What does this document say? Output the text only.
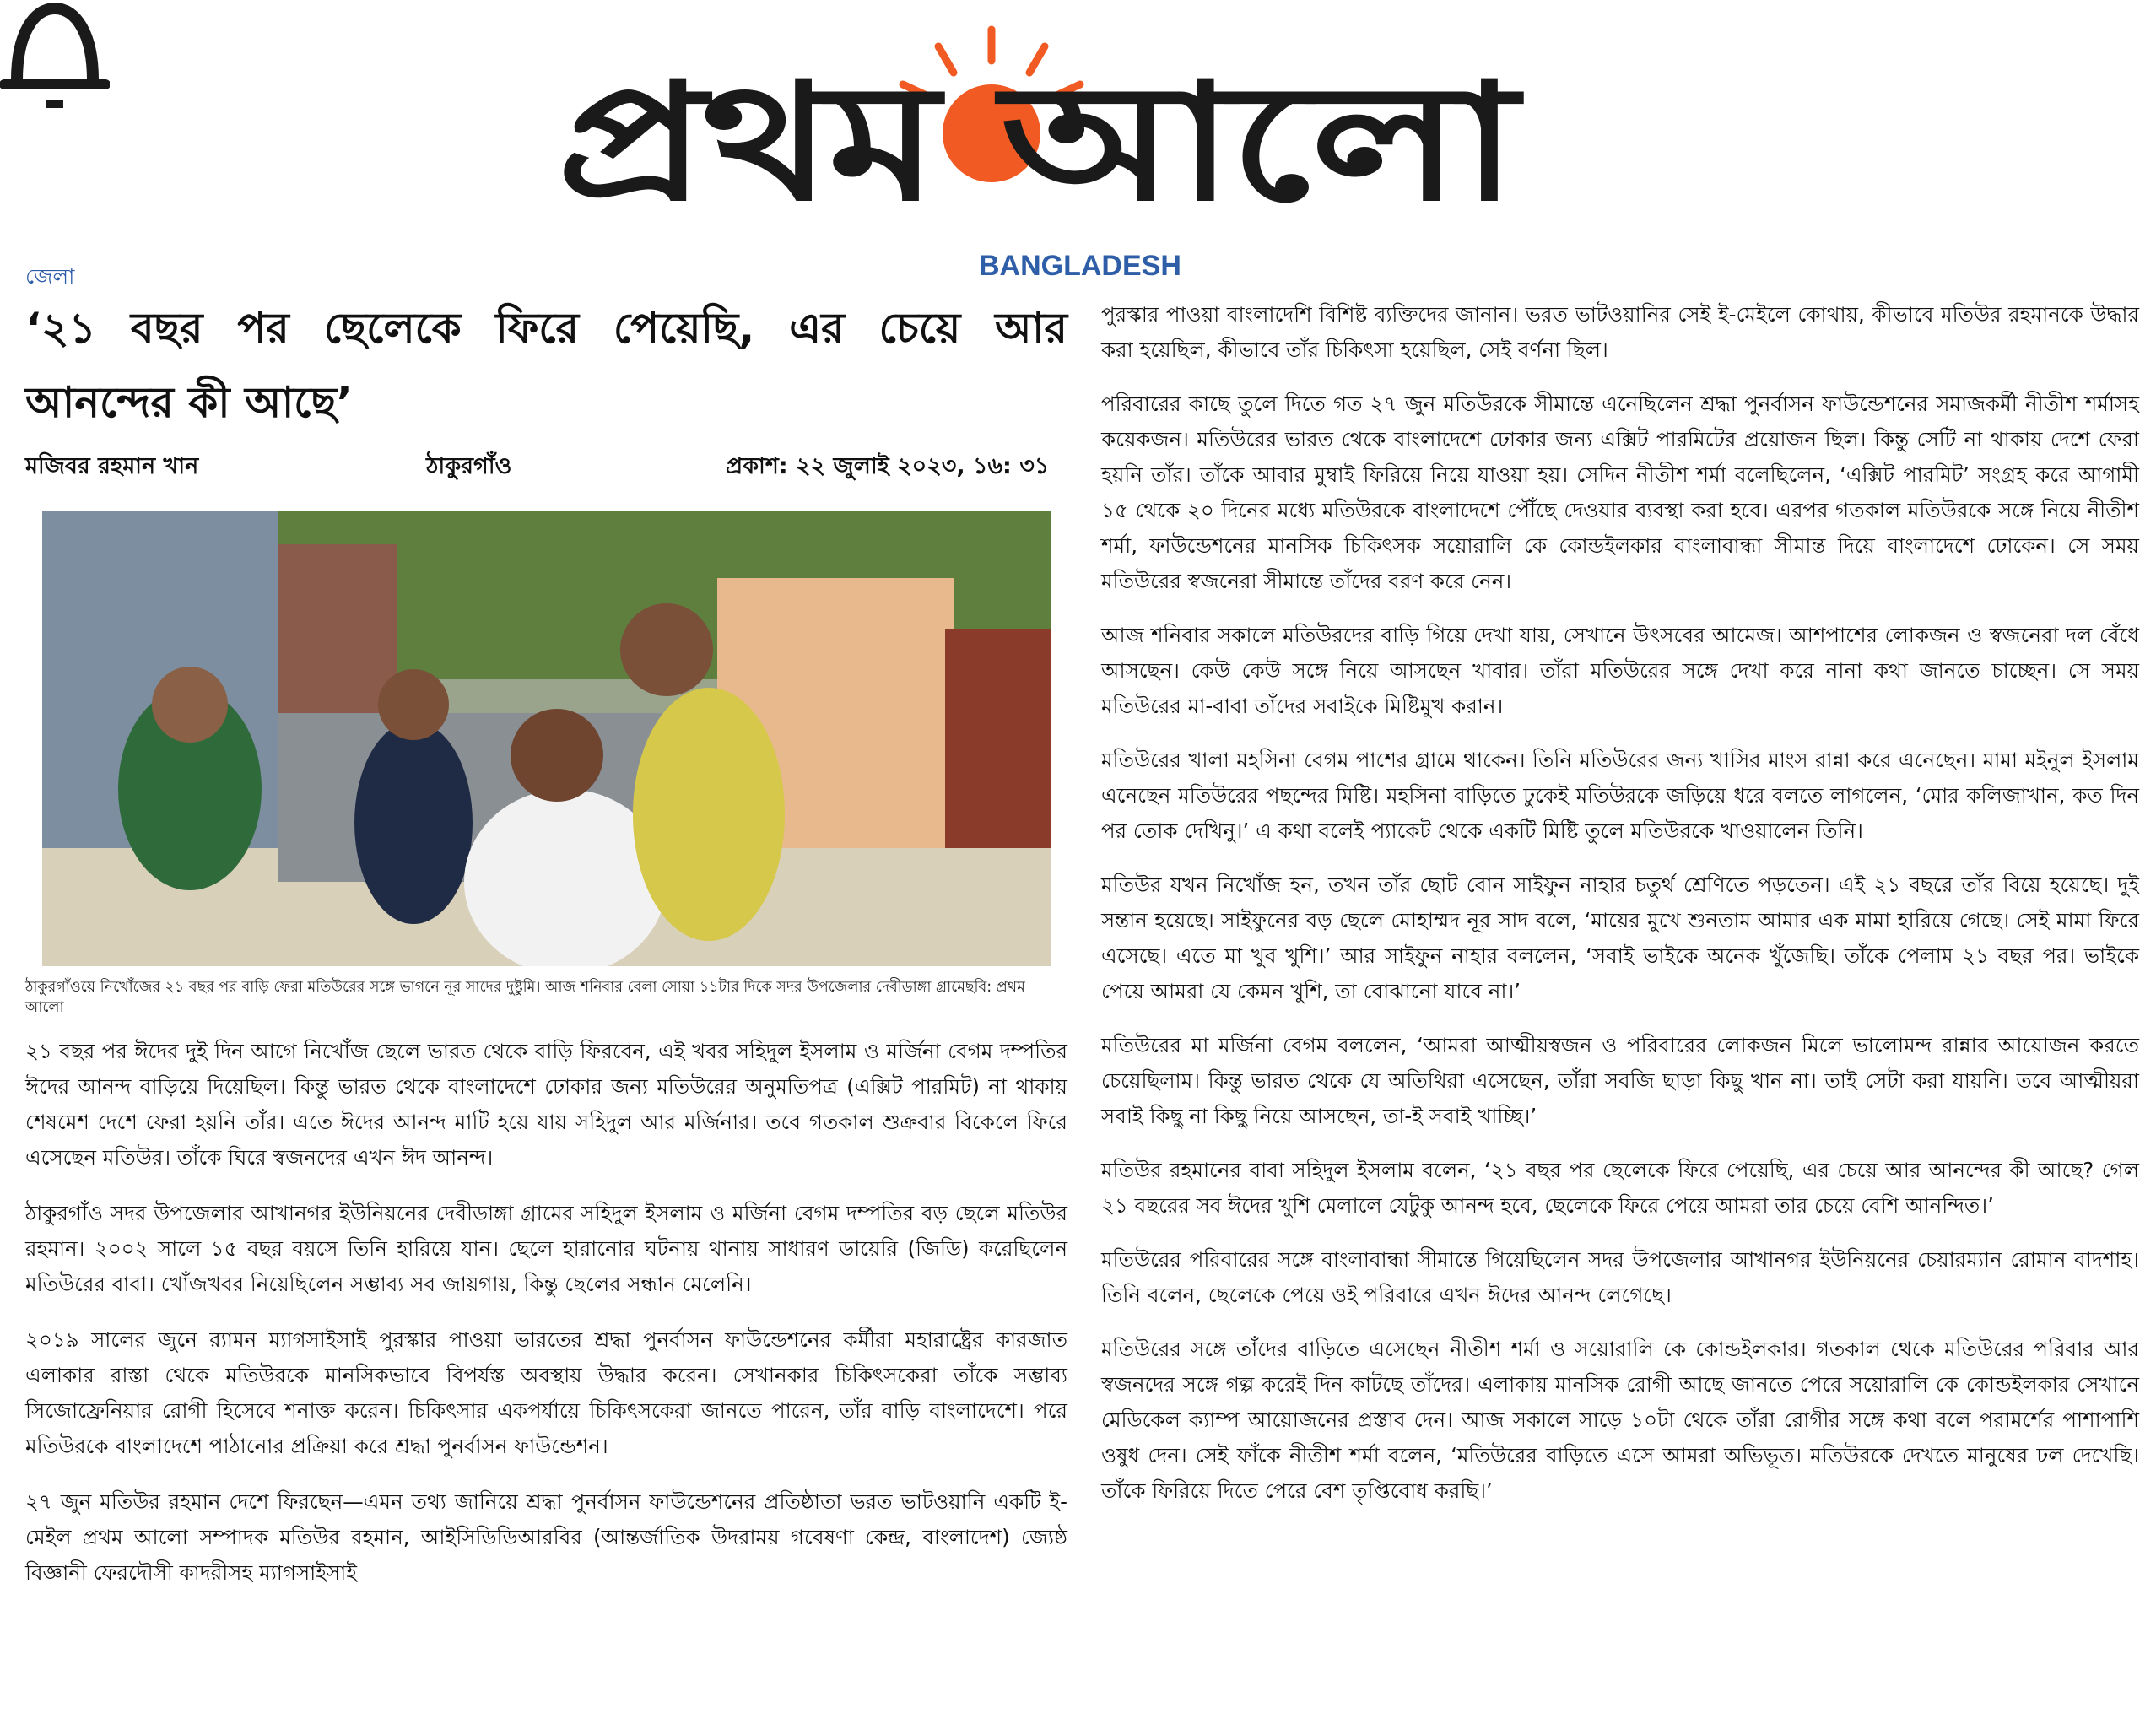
প্রথম আলো
জেলা	BANGLADESH
‘২১ বছর পর ছেলেকে ফিরে পেয়েছি, এর চেয়ে আর আনন্দের কী আছে’
মজিবর রহমান খান	ঠাকুরগাঁও	প্রকাশ: ২২ জুলাই ২০২৩, ১৬: ৩১
ঠাকুরগাঁওয়ে নিখোঁজের ২১ বছর পর বাড়ি ফেরা মতিউরের সঙ্গে ভাগনে নূর সাদের দুষ্টুমি। আজ শনিবার বেলা সোয়া ১১টার দিকে সদর উপজেলার দেবীডাঙ্গা গ্রামেছবি: প্রথম আলো

২১ বছর পর ঈদের দুই দিন আগে নিখোঁজ ছেলে ভারত থেকে বাড়ি ফিরবেন, এই খবর সহিদুল ইসলাম ও মর্জিনা বেগম দম্পতির ঈদের আনন্দ বাড়িয়ে দিয়েছিল। কিন্তু ভারত থেকে বাংলাদেশে ঢোকার জন্য মতিউরের অনুমতিপত্র (এক্সিট পারমিট) না থাকায় শেষমেশ দেশে ফেরা হয়নি তাঁর। এতে ঈদের আনন্দ মাটি হয়ে যায় সহিদুল আর মর্জিনার। তবে গতকাল শুক্রবার বিকেলে ফিরে এসেছেন মতিউর। তাঁকে ঘিরে স্বজনদের এখন ঈদ আনন্দ।

ঠাকুরগাঁও সদর উপজেলার আখানগর ইউনিয়নের দেবীডাঙ্গা গ্রামের সহিদুল ইসলাম ও মর্জিনা বেগম দম্পতির বড় ছেলে মতিউর রহমান। ২০০২ সালে ১৫ বছর বয়সে তিনি হারিয়ে যান। ছেলে হারানোর ঘটনায় থানায় সাধারণ ডায়েরি (জিডি) করেছিলেন মতিউরের বাবা। খোঁজখবর নিয়েছিলেন সম্ভাব্য সব জায়গায়, কিন্তু ছেলের সন্ধান মেলেনি।

২০১৯ সালের জুনে র‍্যামন ম্যাগসাইসাই পুরস্কার পাওয়া ভারতের শ্রদ্ধা পুনর্বাসন ফাউন্ডেশনের কর্মীরা মহারাষ্ট্রের কারজাত এলাকার রাস্তা থেকে মতিউরকে মানসিকভাবে বিপর্যস্ত অবস্থায় উদ্ধার করেন। সেখানকার চিকিৎসকেরা তাঁকে সম্ভাব্য সিজোফ্রেনিয়ার রোগী হিসেবে শনাক্ত করেন। চিকিৎসার একপর্যায়ে চিকিৎসকেরা জানতে পারেন, তাঁর বাড়ি বাংলাদেশে। পরে মতিউরকে বাংলাদেশে পাঠানোর প্রক্রিয়া করে শ্রদ্ধা পুনর্বাসন ফাউন্ডেশন।

২৭ জুন মতিউর রহমান দেশে ফিরছেন—এমন তথ্য জানিয়ে শ্রদ্ধা পুনর্বাসন ফাউন্ডেশনের প্রতিষ্ঠাতা ভরত ভাটওয়ানি একটি ই-মেইল প্রথম আলো সম্পাদক মতিউর রহমান, আইসিডিডিআরবির (আন্তর্জাতিক উদরাময় গবেষণা কেন্দ্র, বাংলাদেশ) জ্যেষ্ঠ বিজ্ঞানী ফেরদৌসী কাদরীসহ ম্যাগসাইসাই

পুরস্কার পাওয়া বাংলাদেশি বিশিষ্ট ব্যক্তিদের জানান। ভরত ভাটওয়ানির সেই ই-মেইলে কোথায়, কীভাবে মতিউর রহমানকে উদ্ধার করা হয়েছিল, কীভাবে তাঁর চিকিৎসা হয়েছিল, সেই বর্ণনা ছিল।

পরিবারের কাছে তুলে দিতে গত ২৭ জুন মতিউরকে সীমান্তে এনেছিলেন শ্রদ্ধা পুনর্বাসন ফাউন্ডেশনের সমাজকর্মী নীতীশ শর্মাসহ কয়েকজন। মতিউরের ভারত থেকে বাংলাদেশে ঢোকার জন্য এক্সিট পারমিটের প্রয়োজন ছিল। কিন্তু সেটি না থাকায় দেশে ফেরা হয়নি তাঁর। তাঁকে আবার মুম্বাই ফিরিয়ে নিয়ে যাওয়া হয়। সেদিন নীতীশ শর্মা বলেছিলেন, ‘এক্সিট পারমিট’ সংগ্রহ করে আগামী ১৫ থেকে ২০ দিনের মধ্যে মতিউরকে বাংলাদেশে পৌঁছে দেওয়ার ব্যবস্থা করা হবে। এরপর গতকাল মতিউরকে সঙ্গে নিয়ে নীতীশ শর্মা, ফাউন্ডেশনের মানসিক চিকিৎসক সয়োরালি কে কোন্ডইলকার বাংলাবান্ধা সীমান্ত দিয়ে বাংলাদেশে ঢোকেন। সে সময় মতিউরের স্বজনেরা সীমান্তে তাঁদের বরণ করে নেন।

আজ শনিবার সকালে মতিউরদের বাড়ি গিয়ে দেখা যায়, সেখানে উৎসবের আমেজ। আশপাশের লোকজন ও স্বজনেরা দল বেঁধে আসছেন। কেউ কেউ সঙ্গে নিয়ে আসছেন খাবার। তাঁরা মতিউরের সঙ্গে দেখা করে নানা কথা জানতে চাচ্ছেন। সে সময় মতিউরের মা-বাবা তাঁদের সবাইকে মিষ্টিমুখ করান।

মতিউরের খালা মহসিনা বেগম পাশের গ্রামে থাকেন। তিনি মতিউরের জন্য খাসির মাংস রান্না করে এনেছেন। মামা মইনুল ইসলাম এনেছেন মতিউরের পছন্দের মিষ্টি। মহসিনা বাড়িতে ঢুকেই মতিউরকে জড়িয়ে ধরে বলতে লাগলেন, ‘মোর কলিজাখান, কত দিন পর তোক দেখিনু।’ এ কথা বলেই প্যাকেট থেকে একটি মিষ্টি তুলে মতিউরকে খাওয়ালেন তিনি।

মতিউর যখন নিখোঁজ হন, তখন তাঁর ছোট বোন সাইফুন নাহার চতুর্থ শ্রেণিতে পড়তেন। এই ২১ বছরে তাঁর বিয়ে হয়েছে। দুই সন্তান হয়েছে। সাইফুনের বড় ছেলে মোহাম্মদ নূর সাদ বলে, ‘মায়ের মুখে শুনতাম আমার এক মামা হারিয়ে গেছে। সেই মামা ফিরে এসেছে। এতে মা খুব খুশি।’ আর সাইফুন নাহার বললেন, ‘সবাই ভাইকে অনেক খুঁজেছি। তাঁকে পেলাম ২১ বছর পর। ভাইকে পেয়ে আমরা যে কেমন খুশি, তা বোঝানো যাবে না।’

মতিউরের মা মর্জিনা বেগম বললেন, ‘আমরা আত্মীয়স্বজন ও পরিবারের লোকজন মিলে ভালোমন্দ রান্নার আয়োজন করতে চেয়েছিলাম। কিন্তু ভারত থেকে যে অতিথিরা এসেছেন, তাঁরা সবজি ছাড়া কিছু খান না। তাই সেটা করা যায়নি। তবে আত্মীয়রা সবাই কিছু না কিছু নিয়ে আসছেন, তা-ই সবাই খাচ্ছি।’

মতিউর রহমানের বাবা সহিদুল ইসলাম বলেন, ‘২১ বছর পর ছেলেকে ফিরে পেয়েছি, এর চেয়ে আর আনন্দের কী আছে? গেল ২১ বছরের সব ঈদের খুশি মেলালে যেটুকু আনন্দ হবে, ছেলেকে ফিরে পেয়ে আমরা তার চেয়ে বেশি আনন্দিত।’

মতিউরের পরিবারের সঙ্গে বাংলাবান্ধা সীমান্তে গিয়েছিলেন সদর উপজেলার আখানগর ইউনিয়নের চেয়ারম্যান রোমান বাদশাহ। তিনি বলেন, ছেলেকে পেয়ে ওই পরিবারে এখন ঈদের আনন্দ লেগেছে।

মতিউরের সঙ্গে তাঁদের বাড়িতে এসেছেন নীতীশ শর্মা ও সয়োরালি কে কোন্ডইলকার। গতকাল থেকে মতিউরের পরিবার আর স্বজনদের সঙ্গে গল্প করেই দিন কাটছে তাঁদের। এলাকায় মানসিক রোগী আছে জানতে পেরে সয়োরালি কে কোন্ডইলকার সেখানে মেডিকেল ক্যাম্প আয়োজনের প্রস্তাব দেন। আজ সকালে সাড়ে ১০টা থেকে তাঁরা রোগীর সঙ্গে কথা বলে পরামর্শের পাশাপাশি ওষুধ দেন। সেই ফাঁকে নীতীশ শর্মা বলেন, ‘মতিউরের বাড়িতে এসে আমরা অভিভূত। মতিউরকে দেখতে মানুষের ঢল দেখেছি। তাঁকে ফিরিয়ে দিতে পেরে বেশ তৃপ্তিবোধ করছি।’
